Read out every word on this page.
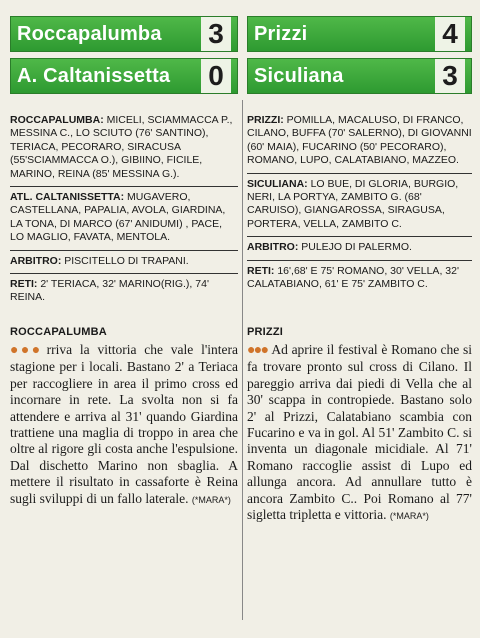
Roccapalumba 3
A. Caltanissetta 0
ROCCAPALUMBA: MICELI, SCIAMMACCA P., MESSINA C., LO SCIUTO (76' SANTINO), TERIACA, PECORARO, SIRACUSA (55'SCIAMMACCA O.), GIBIINO, FICILE, MARINO, REINA (85' MESSINA G.).
ATL. CALTANISSETTA: MUGAVERO, CASTELLANA, PAPALIA, AVOLA, GIARDINA, LA TONA, DI MARCO (67' ANIDUMI) , PACE, LO MAGLIO, FAVATA, MENTOLA.
ARBITRO: PISCITELLO DI TRAPANI.
RETI: 2' TERIACA, 32' MARINO(RIG.), 74' REINA.
Prizzi	4
Siculiana	3
PRIZZI: POMILLA, MACALUSO, DI FRANCO, CILANO, BUFFA (70' SALERNO), DI GIOVANNI (60' MAIA), FUCARINO (50' PECORARO), ROMANO, LUPO, CALATABIANO, MAZZEO.
SICULIANA: LO BUE, DI GLORIA, BURGIO, NERI, LA PORTYA, ZAMBITO G. (68' CARUISO), GIANGAROSSA, SIRAGUSA, PORTERA, VELLA, ZAMBITO C.
ARBITRO: PULEJO DI PALERMO.
RETI: 16',68' E 75' ROMANO, 30' VELLA, 32' CALATABIANO, 61' E 75' ZAMBITO C.
ROCCAPALUMBA
●●● rriva la vittoria che vale l'intera stagione per i locali. Bastano 2' a Teriaca per raccogliere in area il primo cross ed incornare in rete. La svolta non si fa attendere e arriva al 31' quando Giardina trattiene una maglia di troppo in area che oltre al rigore gli costa anche l'espulsione. Dal dischetto Marino non sbaglia. A mettere il risultato in cassaforte è Reina sugli sviluppi di un fallo laterale. (*MARA*)
PRIZZI
●●● Ad aprire il festival è Romano che si fa trovare pronto sul cross di Cilano. Il pareggio arriva dai piedi di Vella che al 30' scappa in contropiede. Bastano solo 2' al Prizzi, Calatabiano scambia con Fucarino e va in gol. Al 51' Zambito C. si inventa un diagonale micidiale. Al 71' Romano raccoglie assist di Lupo ed allunga ancora. Ad annullare tutto è ancora Zambito C.. Poi Romano al 77' sigletta tripletta e vittoria. (*MARA*)
